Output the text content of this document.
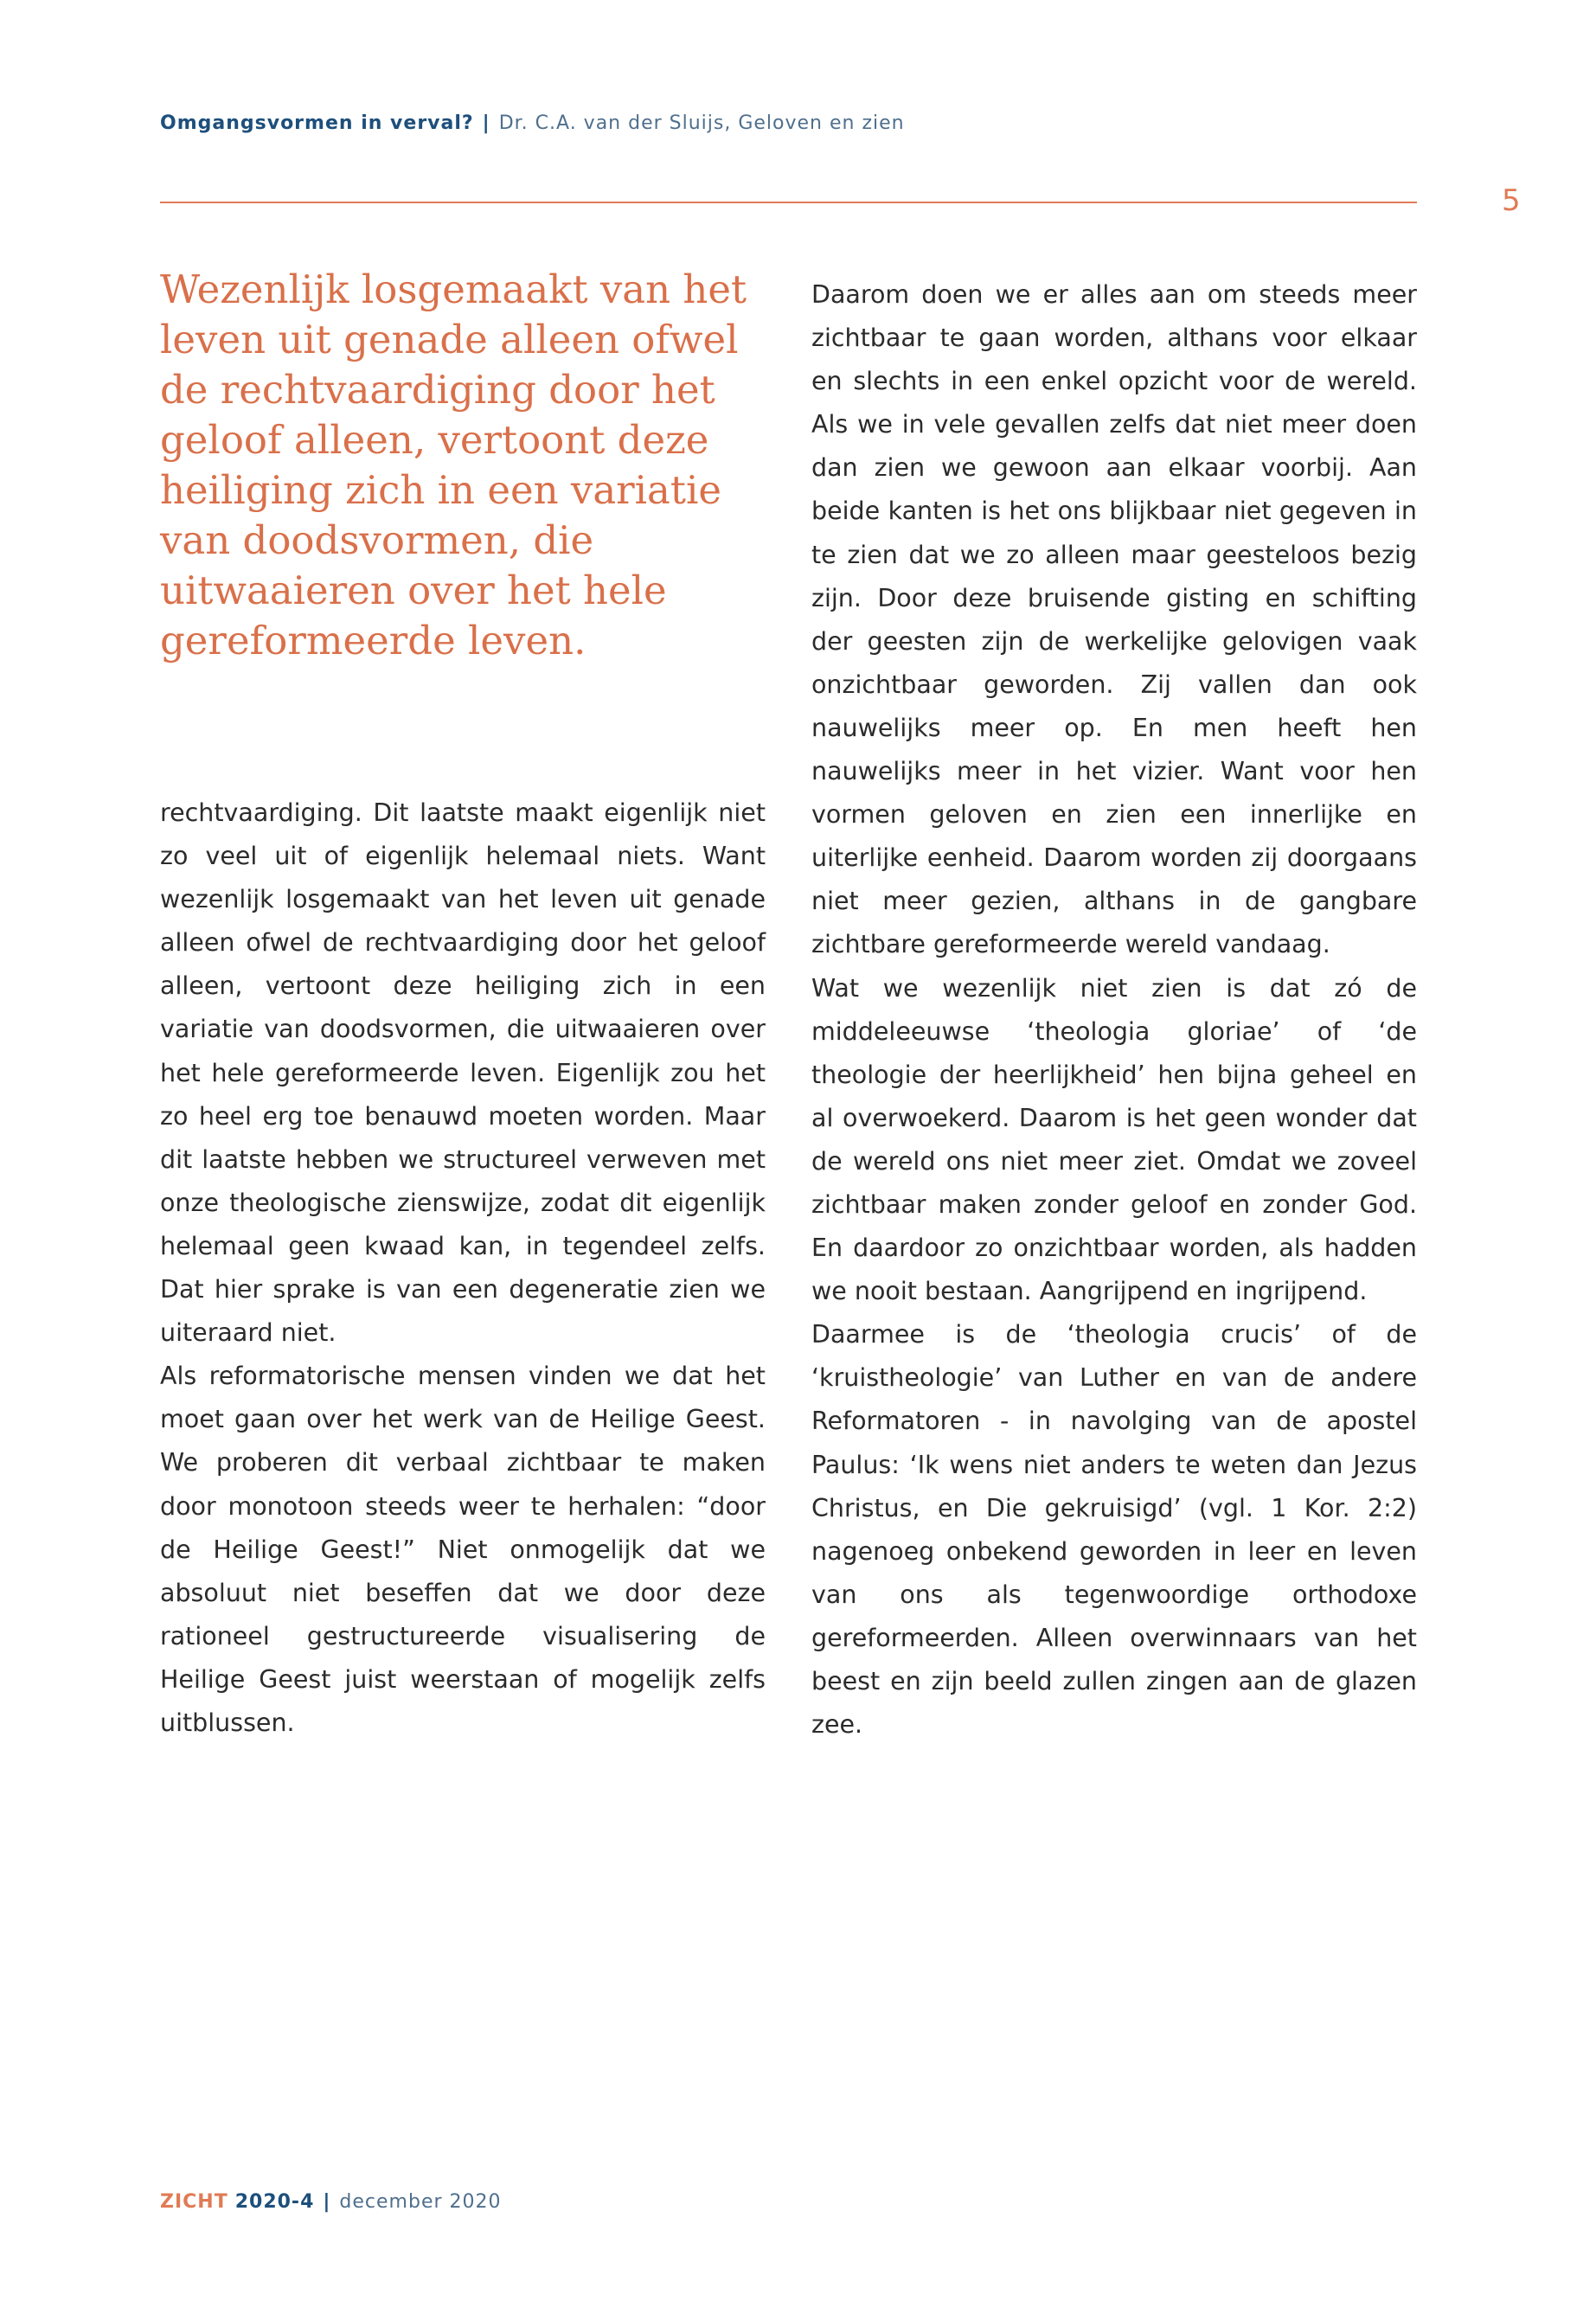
Omgangsvormen in verval? | Dr. C.A. van der Sluijs, Geloven en zien
5

Wezenlijk losgemaakt van het leven uit genade alleen ofwel de rechtvaardiging door het geloof alleen, vertoont deze heiliging zich in een variatie van doodsvormen, die uitwaaieren over het hele gereformeerde leven.

rechtvaardiging. Dit laatste maakt eigenlijk niet zo veel uit of eigenlijk helemaal niets. Want wezenlijk losgemaakt van het leven uit genade alleen ofwel de rechtvaardiging door het geloof alleen, vertoont deze heiliging zich in een variatie van doodsvormen, die uitwaaieren over het hele gereformeerde leven. Eigenlijk zou het zo heel erg toe benauwd moeten worden. Maar dit laatste hebben we structureel verweven met onze theologische zienswijze, zodat dit eigenlijk helemaal geen kwaad kan, in tegendeel zelfs. Dat hier sprake is van een degeneratie zien we uiteraard niet.

Als reformatorische mensen vinden we dat het moet gaan over het werk van de Heilige Geest. We proberen dit verbaal zichtbaar te maken door monotoon steeds weer te herhalen: “door de Heilige Geest!” Niet onmogelijk dat we absoluut niet beseffen dat we door deze rationeel gestructureerde visualisering de Heilige Geest juist weerstaan of mogelijk zelfs uitblussen.

Daarom doen we er alles aan om steeds meer zichtbaar te gaan worden, althans voor elkaar en slechts in een enkel opzicht voor de wereld. Als we in vele gevallen zelfs dat niet meer doen dan zien we gewoon aan elkaar voorbij. Aan beide kanten is het ons blijkbaar niet gegeven in te zien dat we zo alleen maar geesteloos bezig zijn. Door deze bruisende gisting en schifting der geesten zijn de werkelijke gelovigen vaak onzichtbaar geworden. Zij vallen dan ook nauwelijks meer op. En men heeft hen nauwelijks meer in het vizier. Want voor hen vormen geloven en zien een innerlijke en uiterlijke eenheid. Daarom worden zij doorgaans niet meer gezien, althans in de gangbare zichtbare gereformeerde wereld vandaag.

Wat we wezenlijk niet zien is dat zó de middeleeuwse ‘theologia gloriae’ of ‘de theologie der heerlijkheid’ hen bijna geheel en al overwoekerd. Daarom is het geen wonder dat de wereld ons niet meer ziet. Omdat we zoveel zichtbaar maken zonder geloof en zonder God. En daardoor zo onzichtbaar worden, als hadden we nooit bestaan. Aangrijpend en ingrijpend.

Daarmee is de ‘theologia crucis’ of de ‘kruistheologie’ van Luther en van de andere Reformatoren - in navolging van de apostel Paulus: ‘Ik wens niet anders te weten dan Jezus Christus, en Die gekruisigd’ (vgl. 1 Kor. 2:2) nagenoeg onbekend geworden in leer en leven van ons als tegenwoordige orthodoxe gereformeerden. Alleen overwinnaars van het beest en zijn beeld zullen zingen aan de glazen zee.

ZICHT 2020-4 | december 2020
